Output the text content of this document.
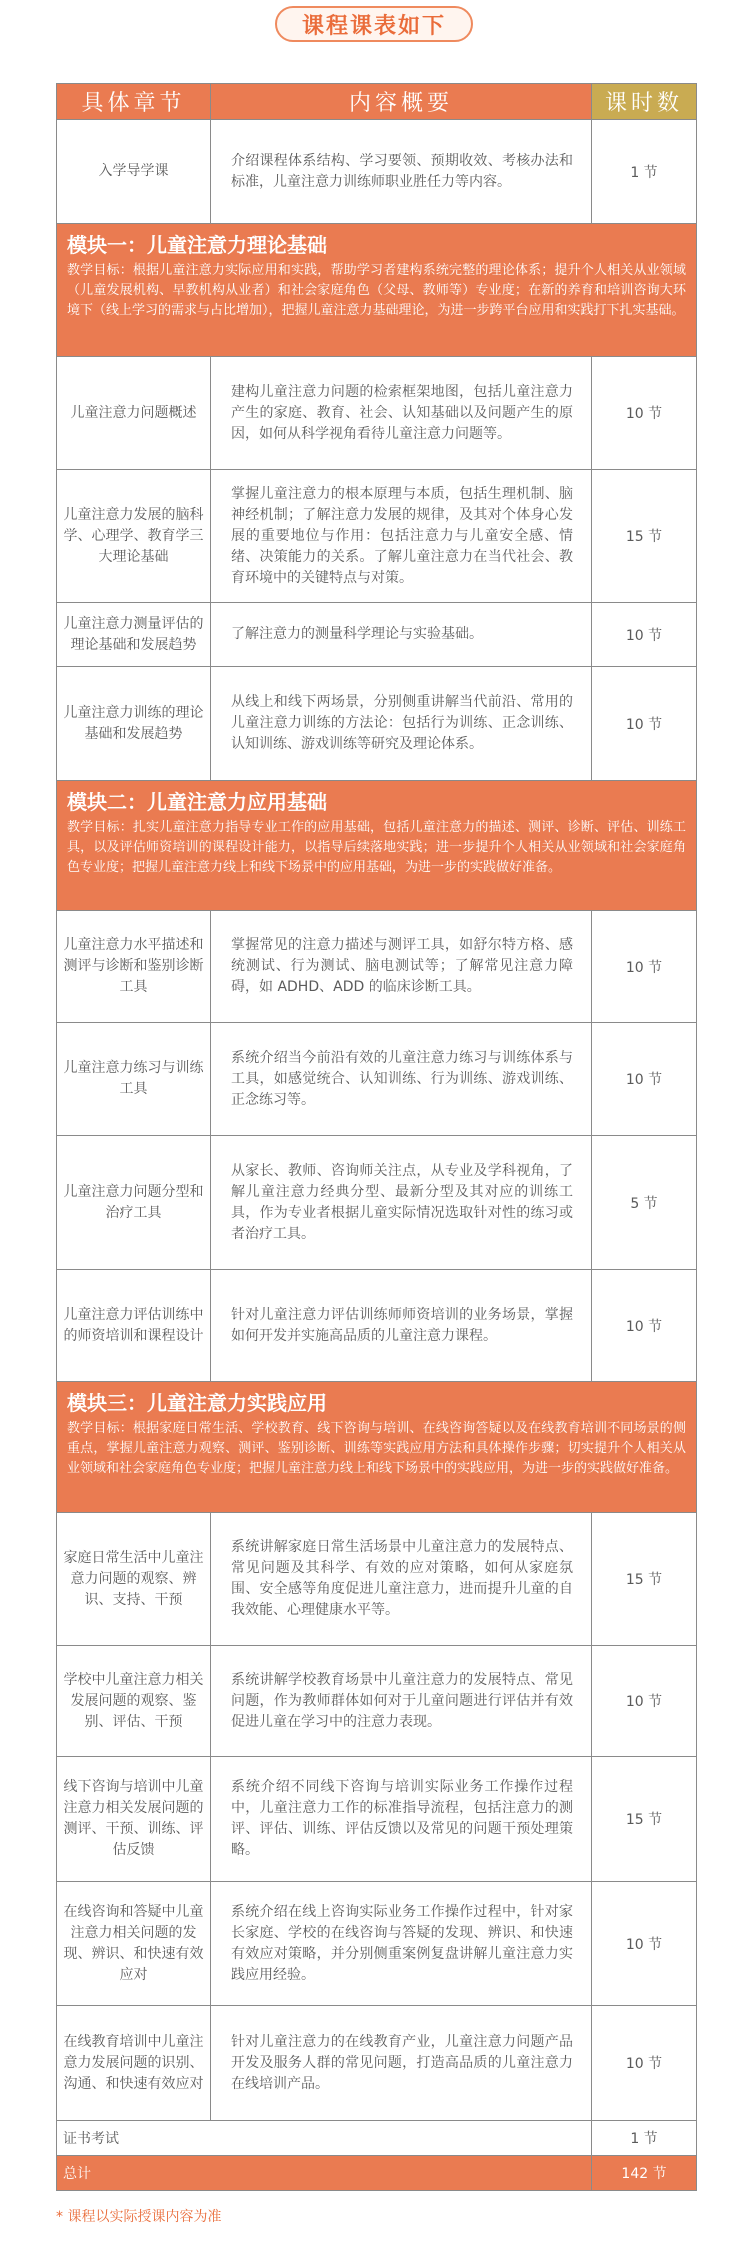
课程课表如下
具体章节	内容概要	课时数
入学导学课	介绍课程体系结构、学习要领、预期收效、考核办法和标准，儿童注意力训练师职业胜任力等内容。	1 节

模块一：儿童注意力理论基础
教学目标：根据儿童注意力实际应用和实践，帮助学习者建构系统完整的理论体系；提升个人相关从业领域（儿童发展机构、早教机构从业者）和社会家庭角色（父母、教师等）专业度；在新的养育和培训咨询大环境下（线上学习的需求与占比增加），把握儿童注意力基础理论，为进一步跨平台应用和实践打下扎实基础。		

儿童注意力问题概述	建构儿童注意力问题的检索框架地图，包括儿童注意力产生的家庭、教育、社会、认知基础以及问题产生的原因，如何从科学视角看待儿童注意力问题等。	10 节
儿童注意力发展的脑科学、心理学、教育学三大理论基础	掌握儿童注意力的根本原理与本质，包括生理机制、脑神经机制；了解注意力发展的规律，及其对个体身心发展的重要地位与作用：包括注意力与儿童安全感、情绪、决策能力的关系。了解儿童注意力在当代社会、教育环境中的关键特点与对策。	15 节
儿童注意力测量评估的理论基础和发展趋势	了解注意力的测量科学理论与实验基础。	10 节
儿童注意力训练的理论基础和发展趋势	从线上和线下两场景，分别侧重讲解当代前沿、常用的儿童注意力训练的方法论：包括行为训练、正念训练、认知训练、游戏训练等研究及理论体系。	10 节

模块二：儿童注意力应用基础
教学目标：扎实儿童注意力指导专业工作的应用基础，包括儿童注意力的描述、测评、诊断、评估、训练工具，以及评估师资培训的课程设计能力，以指导后续落地实践；进一步提升个人相关从业领域和社会家庭角色专业度；把握儿童注意力线上和线下场景中的应用基础，为进一步的实践做好准备。		

儿童注意力水平描述和测评与诊断和鉴别诊断工具	掌握常见的注意力描述与测评工具，如舒尔特方格、感统测试、行为测试、脑电测试等；了解常见注意力障碍，如 ADHD、ADD 的临床诊断工具。	10 节
儿童注意力练习与训练工具	系统介绍当今前沿有效的儿童注意力练习与训练体系与工具，如感觉统合、认知训练、行为训练、游戏训练、正念练习等。	10 节
儿童注意力问题分型和治疗工具	从家长、教师、咨询师关注点，从专业及学科视角，了解儿童注意力经典分型、最新分型及其对应的训练工具，作为专业者根据儿童实际情况选取针对性的练习或者治疗工具。	5 节
儿童注意力评估训练中的师资培训和课程设计	针对儿童注意力评估训练师师资培训的业务场景，掌握如何开发并实施高品质的儿童注意力课程。	10 节

模块三：儿童注意力实践应用
教学目标：根据家庭日常生活、学校教育、线下咨询与培训、在线咨询答疑以及在线教育培训不同场景的侧重点，掌握儿童注意力观察、测评、鉴别诊断、训练等实践应用方法和具体操作步骤；切实提升个人相关从业领域和社会家庭角色专业度；把握儿童注意力线上和线下场景中的实践应用，为进一步的实践做好准备。		

家庭日常生活中儿童注意力问题的观察、辨识、支持、干预	系统讲解家庭日常生活场景中儿童注意力的发展特点、常见问题及其科学、有效的应对策略，如何从家庭氛围、安全感等角度促进儿童注意力，进而提升儿童的自我效能、心理健康水平等。	15 节
学校中儿童注意力相关发展问题的观察、鉴别、评估、干预	系统讲解学校教育场景中儿童注意力的发展特点、常见问题，作为教师群体如何对于儿童问题进行评估并有效促进儿童在学习中的注意力表现。	10 节
线下咨询与培训中儿童注意力相关发展问题的测评、干预、训练、评估反馈	系统介绍不同线下咨询与培训实际业务工作操作过程中，儿童注意力工作的标准指导流程，包括注意力的测评、评估、训练、评估反馈以及常见的问题干预处理策略。	15 节
在线咨询和答疑中儿童注意力相关问题的发现、辨识、和快速有效应对	系统介绍在线上咨询实际业务工作操作过程中，针对家长家庭、学校的在线咨询与答疑的发现、辨识、和快速有效应对策略，并分别侧重案例复盘讲解儿童注意力实践应用经验。	10 节
在线教育培训中儿童注意力发展问题的识别、沟通、和快速有效应对	针对儿童注意力的在线教育产业，儿童注意力问题产品开发及服务人群的常见问题，打造高品质的儿童注意力在线培训产品。	10 节
证书考试		1 节
总计		142 节
* 课程以实际授课内容为准
